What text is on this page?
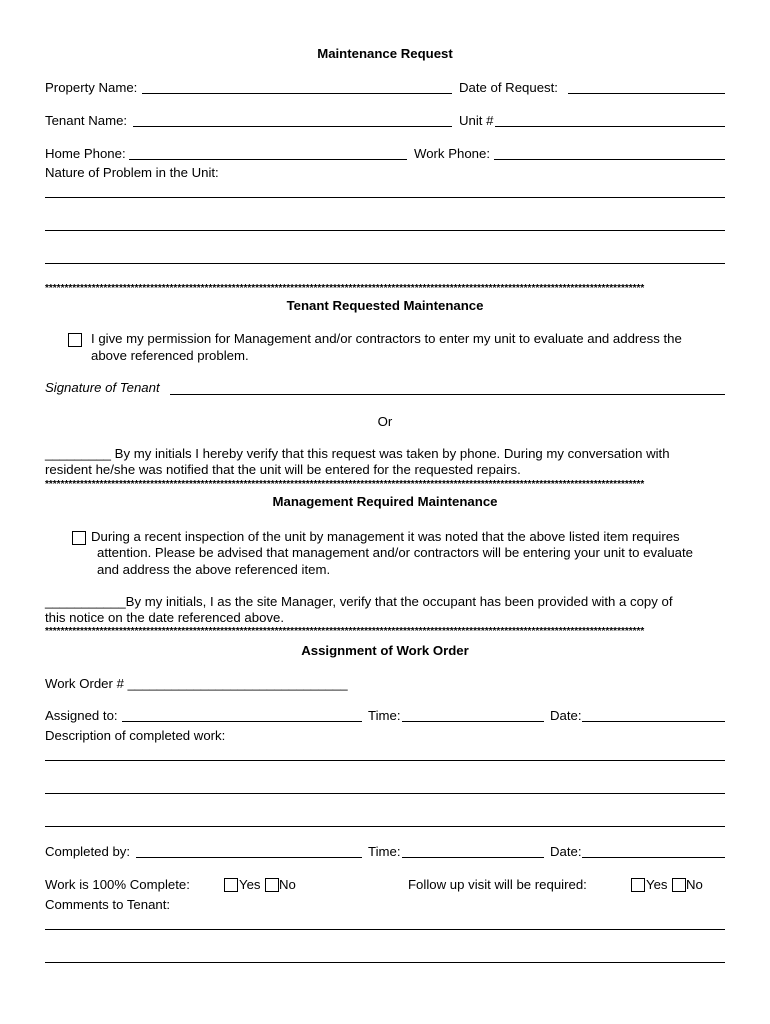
Maintenance Request
Property Name:	Date of Request:
Tenant Name:	Unit #
Home Phone:	Work Phone:
Nature of Problem in the Unit:
**********************************************************************************************************************************************************
Tenant Requested Maintenance
I give my permission for Management and/or contractors to enter my unit to evaluate and address the
above referenced problem.
Signature of Tenant
Or
_________ By my initials I hereby verify that this request was taken by phone. During my conversation with
resident he/she was notified that the unit will be entered for the requested repairs.
**********************************************************************************************************************************************************
Management Required Maintenance
During a recent inspection of the unit by management it was noted that the above listed item requires
attention. Please be advised that management and/or contractors will be entering your unit to evaluate
and address the above referenced item.
___________By my initials, I as the site Manager, verify that the occupant has been provided with a copy of
this notice on the date referenced above.
**********************************************************************************************************************************************************
Assignment of Work Order
Work Order # ______________________________
Assigned to:	Time:	Date:
Description of completed work:
Completed by:	Time:	Date:
Work is 100% Complete:	Yes No	Follow up visit will be required:	Yes No
Comments to Tenant:
